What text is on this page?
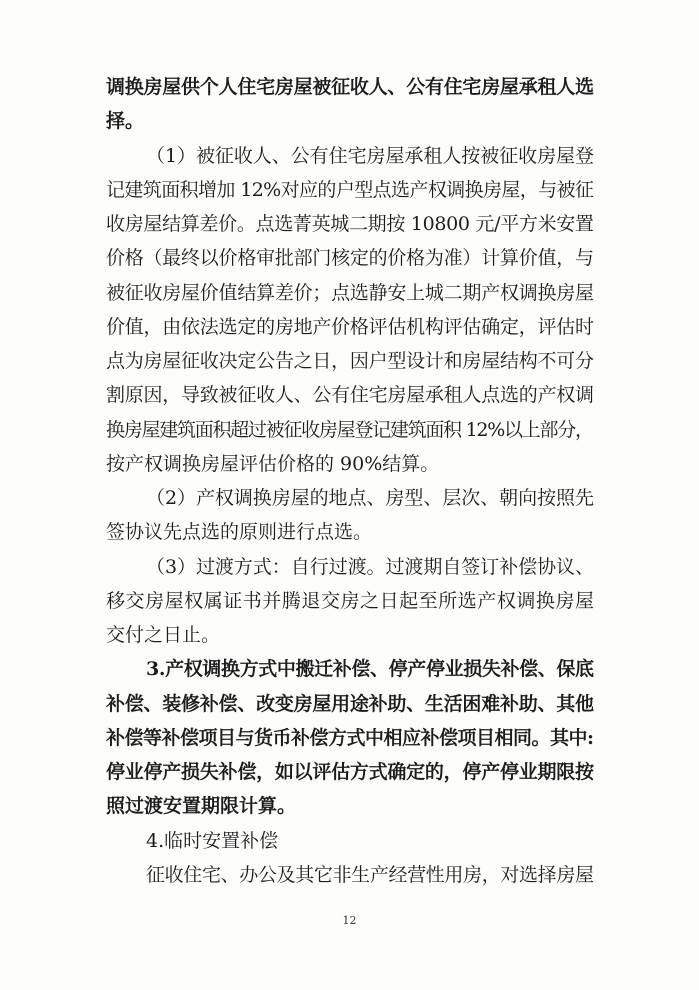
调换房屋供个人住宅房屋被征收人、公有住宅房屋承租人选
择。
（1）被征收人、公有住宅房屋承租人按被征收房屋登
记建筑面积增加 12%对应的户型点选产权调换房屋，与被征
收房屋结算差价。点选菁英城二期按 10800 元/平方米安置
价格（最终以价格审批部门核定的价格为准）计算价值，与
被征收房屋价值结算差价；点选静安上城二期产权调换房屋
价值，由依法选定的房地产价格评估机构评估确定，评估时
点为房屋征收决定公告之日，因户型设计和房屋结构不可分
割原因，导致被征收人、公有住宅房屋承租人点选的产权调
换房屋建筑面积超过被征收房屋登记建筑面积 12%以上部分，
按产权调换房屋评估价格的 90%结算。
（2）产权调换房屋的地点、房型、层次、朝向按照先
签协议先点选的原则进行点选。
（3）过渡方式：自行过渡。过渡期自签订补偿协议、
移交房屋权属证书并腾退交房之日起至所选产权调换房屋
交付之日止。
3.产权调换方式中搬迁补偿、停产停业损失补偿、保底
补偿、装修补偿、改变房屋用途补助、生活困难补助、其他
补偿等补偿项目与货币补偿方式中相应补偿项目相同。其中:
停业停产损失补偿，如以评估方式确定的，停产停业期限按
照过渡安置期限计算。
4.临时安置补偿
征收住宅、办公及其它非生产经营性用房，对选择房屋
12
